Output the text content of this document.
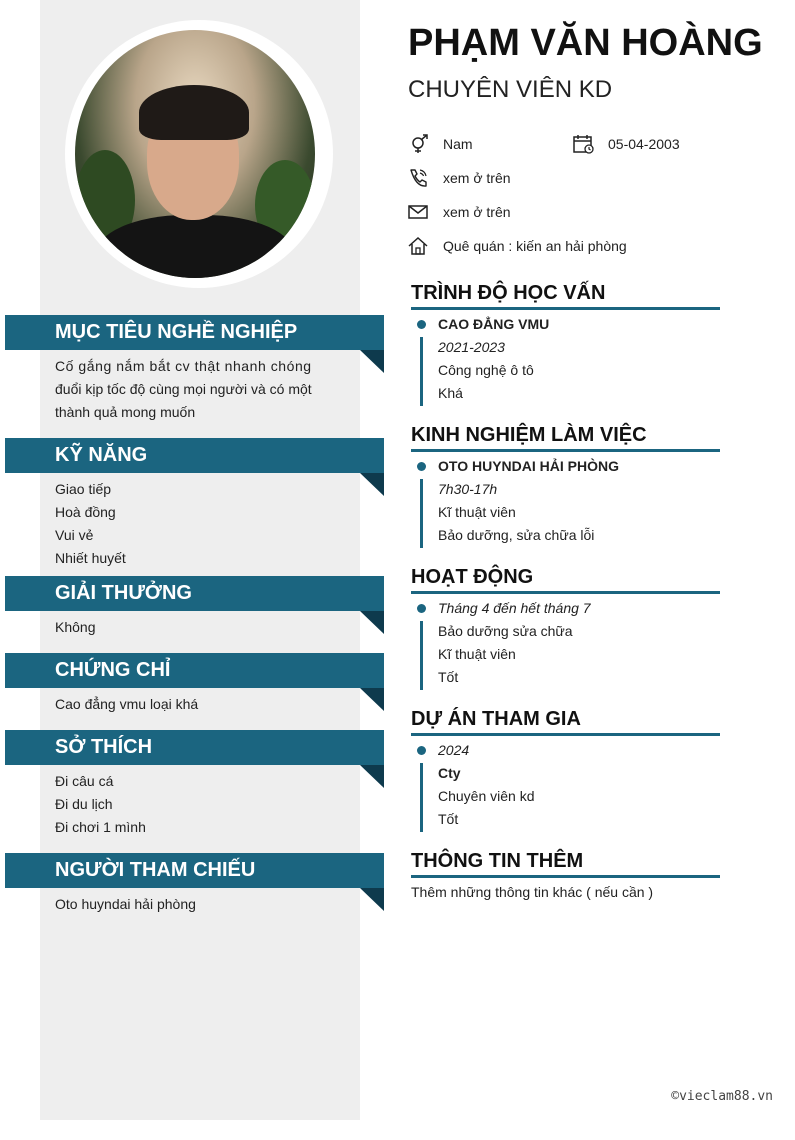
MỤC TIÊU NGHỀ NGHIỆP
Cố gắng nắm bắt cv thật nhanh chóng
đuổi kịp tốc độ cùng mọi người và có một
thành quả mong muốn
KỸ NĂNG
Giao tiếp
Hoà đồng
Vui vẻ
Nhiết huyết
GIẢI THƯỞNG
Không
CHỨNG CHỈ
Cao đẳng vmu loại khá
SỞ THÍCH
Đi câu cá
Đi du lịch
Đi chơi 1 mình
NGƯỜI THAM CHIẾU
Oto huyndai hải phòng
PHẠM VĂN HOÀNG
CHUYÊN VIÊN KD
Nam	05-04-2003
xem ở trên
xem ở trên
Quê quán : kiến an hải phòng
TRÌNH ĐỘ HỌC VẤN
CAO ĐẲNG VMU
2021-2023
Công nghệ ô tô
Khá
KINH NGHIỆM LÀM VIỆC
OTO HUYNDAI HẢI PHÒNG
7h30-17h
Kĩ thuật viên
Bảo dưỡng, sửa chữa lỗi
HOẠT ĐỘNG
Tháng 4 đến hết tháng 7
Bảo dưỡng sửa chữa
Kĩ thuật viên
Tốt
DỰ ÁN THAM GIA
2024
Cty
Chuyên viên kd
Tốt
THÔNG TIN THÊM
Thêm những thông tin khác ( nếu cần )
©vieclam88.vn
